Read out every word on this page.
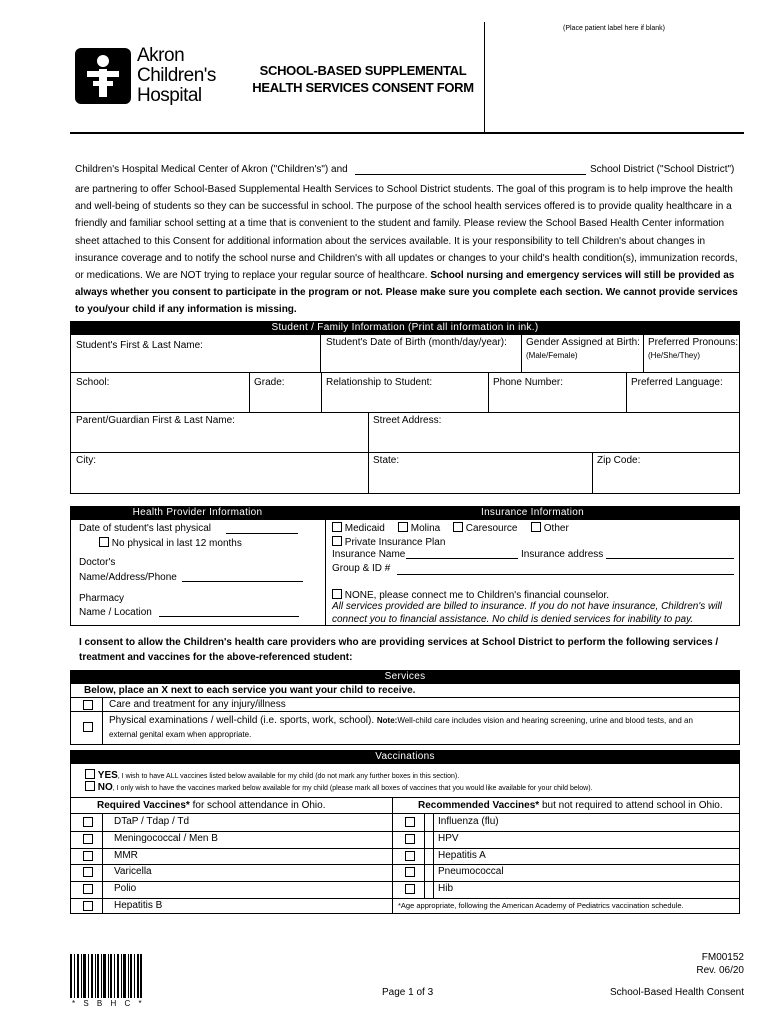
(Place patient label here if blank)
Akron
Children's
Hospital
SCHOOL-BASED SUPPLEMENTAL
HEALTH SERVICES CONSENT FORM
Children's Hospital Medical Center of Akron ("Children's") and	School District ("School District")
are partnering to offer School-Based Supplemental Health Services to School District students. The goal of this program is to help improve the health and well-being of students so they can be successful in school. The purpose of the school health services offered is to provide quality healthcare in a friendly and familiar school setting at a time that is convenient to the student and family. Please review the School Based Health Center information sheet attached to this Consent for additional information about the services available. It is your responsibility to tell Children's about changes in insurance coverage and to notify the school nurse and Children's with all updates or changes to your child's health condition(s), immunization records, or medications. We are NOT trying to replace your regular source of healthcare. School nursing and emergency services will still be provided as always whether you consent to participate in the program or not. Please make sure you complete each section. We cannot provide services to you/your child if any information is missing.
Student / Family Information (Print all information in ink.)
Student's First & Last Name:	Student's Date of Birth (month/day/year): Gender Assigned at Birth:
(Male/Female)
Preferred Pronouns:
(He/She/They)
School:	Grade:	Relationship to Student:	Phone Number:	Preferred Language:
Parent/Guardian First & Last Name:	Street Address:
City:	State:	Zip Code:
Health Provider Information	Insurance Information
Date of student's last physical
No physical in last 12 months
Doctor's
Name/Address/Phone
Pharmacy
Name / Location
Medicaid	Molina	Caresource	Other
Private Insurance Plan
Insurance Name	Insurance address
Group & ID #
NONE, please connect me to Children's financial counselor.
All services provided are billed to insurance. If you do not have insurance, Children's will connect you to financial assistance. No child is denied services for inability to pay.
I consent to allow the Children's health care providers who are providing services at School District to perform the following services / treatment and vaccines for the above-referenced student:
Services
Below, place an X next to each service you want your child to receive.
Care and treatment for any injury/illness
Physical examinations / well-child (i.e. sports, work, school). Note:Well-child care includes vision and hearing screening, urine and blood tests, and an
external genital exam when appropriate.
Vaccinations
YES, I wish to have ALL vaccines listed below available for my child (do not mark any further boxes in this section).
NO, I only wish to have the vaccines marked below available for my child (please mark all boxes of vaccines that you would like available for your child below).
Required Vaccines* for school attendance in Ohio.	Recommended Vaccines* but not required to attend school in Ohio.
DTaP / Tdap / Td	Influenza (flu)
Meningococcal / Men B	HPV
MMR	Hepatitis A
Varicella	Pneumococcal
Polio	Hib
Hepatitis B	*Age appropriate, following the American Academy of Pediatrics vaccination schedule.
* S B H C *
Page 1 of 3
FM00152
Rev. 06/20
School-Based Health Consent
